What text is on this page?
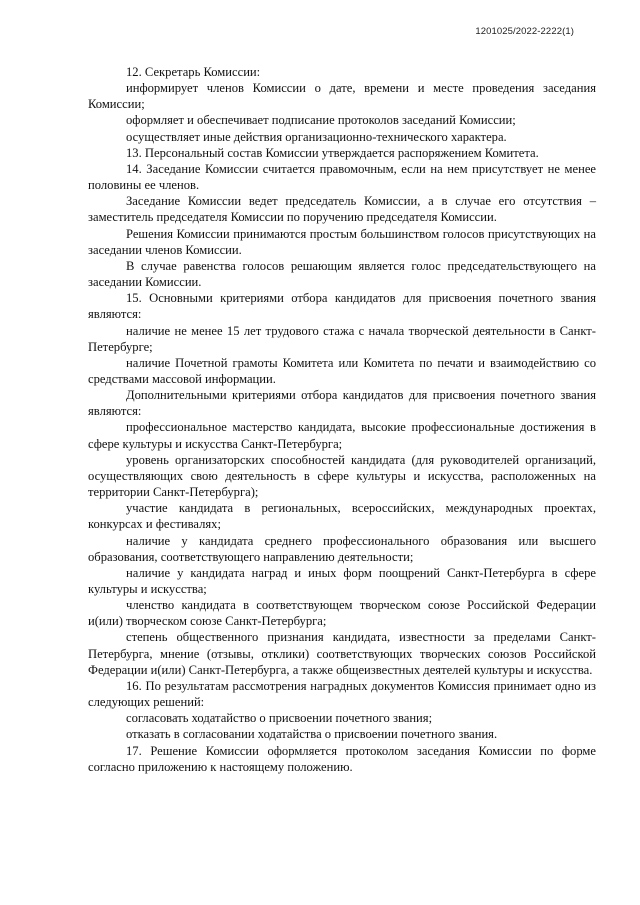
1201025/2022-2222(1)

12. Секретарь Комиссии:

информирует членов Комиссии о дате, времени и месте проведения заседания Комиссии;

оформляет и обеспечивает подписание протоколов заседаний Комиссии;

осуществляет иные действия организационно-технического характера.

13. Персональный состав Комиссии утверждается распоряжением Комитета.

14. Заседание Комиссии считается правомочным, если на нем присутствует не менее половины ее членов.

Заседание Комиссии ведет председатель Комиссии, а в случае его отсутствия – заместитель председателя Комиссии по поручению председателя Комиссии.

Решения Комиссии принимаются простым большинством голосов присутствующих на заседании членов Комиссии.

В случае равенства голосов решающим является голос председательствующего на заседании Комиссии.

15. Основными критериями отбора кандидатов для присвоения почетного звания являются:

наличие не менее 15 лет трудового стажа с начала творческой деятельности в Санкт-Петербурге;

наличие Почетной грамоты Комитета или Комитета по печати и взаимодействию со средствами массовой информации.

Дополнительными критериями отбора кандидатов для присвоения почетного звания являются:

профессиональное мастерство кандидата, высокие профессиональные достижения в сфере культуры и искусства Санкт-Петербурга;

уровень организаторских способностей кандидата (для руководителей организаций, осуществляющих свою деятельность в сфере культуры и искусства, расположенных на территории Санкт-Петербурга);

участие кандидата в региональных, всероссийских, международных проектах, конкурсах и фестивалях;

наличие у кандидата среднего профессионального образования или высшего образования, соответствующего направлению деятельности;

наличие у кандидата наград и иных форм поощрений Санкт-Петербурга в сфере культуры и искусства;

членство кандидата в соответствующем творческом союзе Российской Федерации и(или) творческом союзе Санкт-Петербурга;

степень общественного признания кандидата, известности за пределами Санкт-Петербурга, мнение (отзывы, отклики) соответствующих творческих союзов Российской Федерации и(или) Санкт-Петербурга, а также общеизвестных деятелей культуры и искусства.

16. По результатам рассмотрения наградных документов Комиссия принимает одно из следующих решений:

согласовать ходатайство о присвоении почетного звания;

отказать в согласовании ходатайства о присвоении почетного звания.

17. Решение Комиссии оформляется протоколом заседания Комиссии по форме согласно приложению к настоящему положению.
